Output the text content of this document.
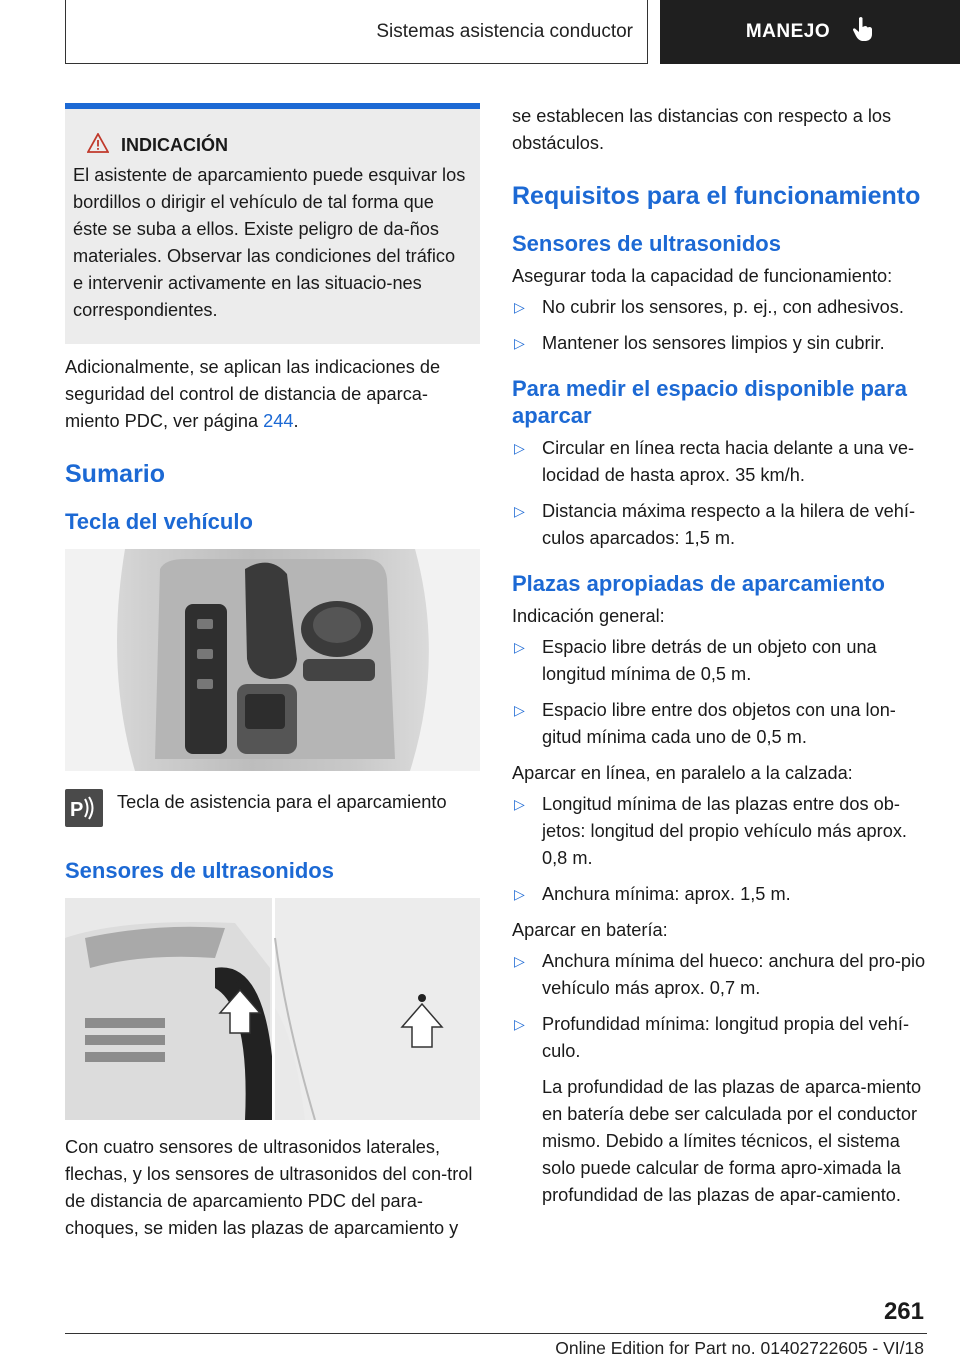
Sistemas asistencia conductor	MANEJO
INDICACIÓN

El asistente de aparcamiento puede esquivar los bordillos o dirigir el vehículo de tal forma que éste se suba a ellos. Existe peligro de da-ños materiales. Observar las condiciones del tráfico e intervenir activamente en las situacio-nes correspondientes.

Adicionalmente, se aplican las indicaciones de seguridad del control de distancia de aparca-miento PDC, ver página 244.

Sumario
Tecla del vehículo
P Tecla de asistencia para el aparcamiento

Sensores de ultrasonidos

Con cuatro sensores de ultrasonidos laterales, flechas, y los sensores de ultrasonidos del con-trol de distancia de aparcamiento PDC del para-choques, se miden las plazas de aparcamiento y

se establecen las distancias con respecto a los obstáculos.

Requisitos para el funcionamiento
Sensores de ultrasonidos

Asegurar toda la capacidad de funcionamiento:

▷ No cubrir los sensores, p. ej., con adhesivos.
▷ Mantener los sensores limpios y sin cubrir.
Para medir el espacio disponible para aparcar
▷ Circular en línea recta hacia delante a una ve-locidad de hasta aprox. 35 km/h.
▷ Distancia máxima respecto a la hilera de vehí-culos aparcados: 1,5 m.
Plazas apropiadas de aparcamiento

Indicación general:

▷ Espacio libre detrás de un objeto con una longitud mínima de 0,5 m.
▷ Espacio libre entre dos objetos con una lon-gitud mínima cada uno de 0,5 m.

Aparcar en línea, en paralelo a la calzada:

▷ Longitud mínima de las plazas entre dos ob-jetos: longitud del propio vehículo más aprox. 0,8 m.
▷ Anchura mínima: aprox. 1,5 m.

Aparcar en batería:

▷ Anchura mínima del hueco: anchura del pro-pio vehículo más aprox. 0,7 m.
▷ Profundidad mínima: longitud propia del vehí-culo.

La profundidad de las plazas de aparca-miento en batería debe ser calculada por el conductor mismo. Debido a límites técnicos, el sistema solo puede calcular de forma apro-ximada la profundidad de las plazas de apar-camiento.

261
Online Edition for Part no. 01402722605 - VI/18
